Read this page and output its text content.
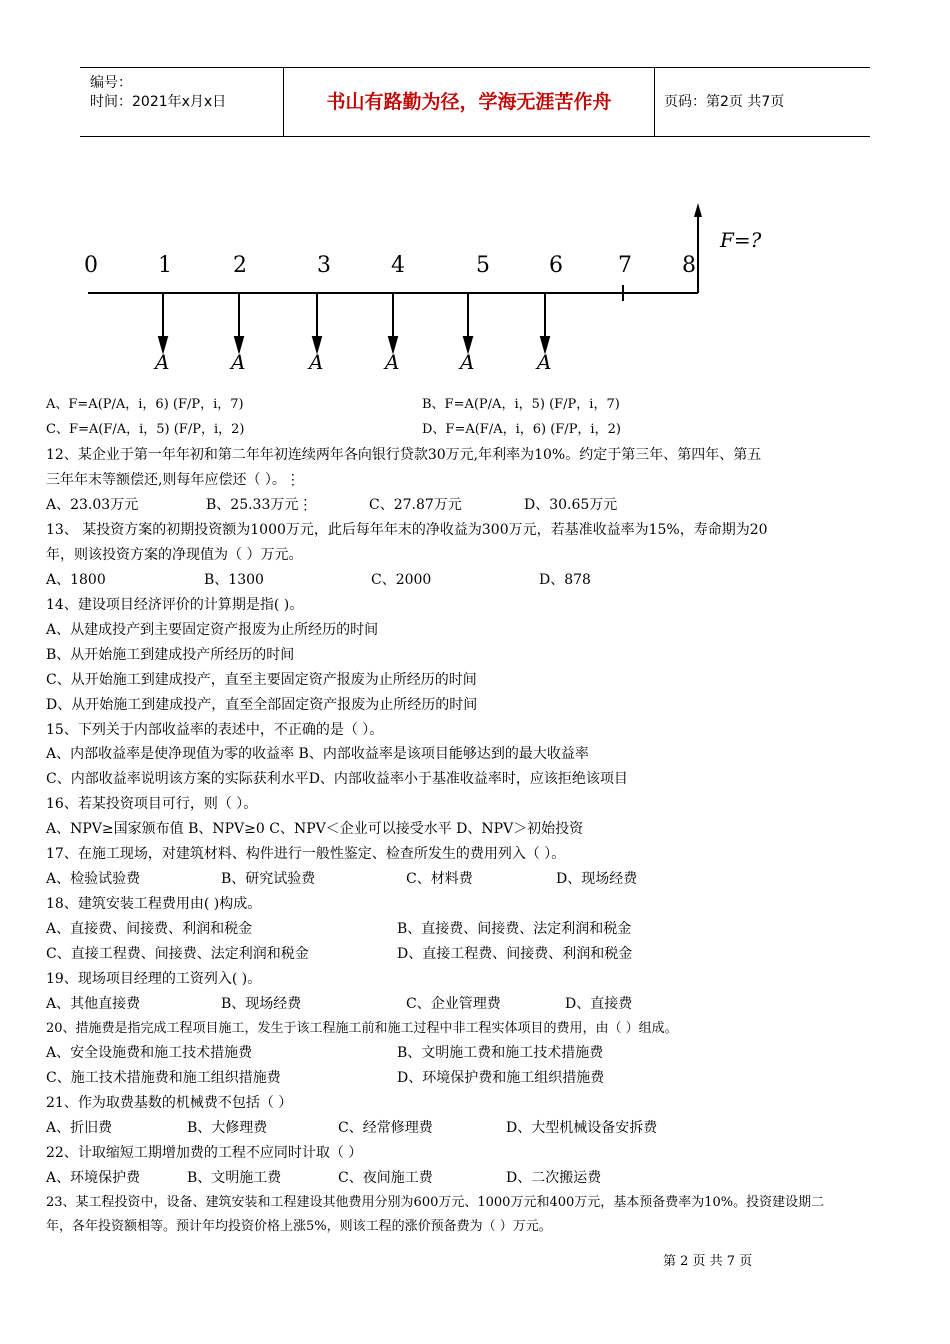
编号：
时间：2021年x月x日	书山有路勤为径，学海无涯苦作舟	页码：第2页 共7页
0	1	2	3	4	5	6	7 8
F=?
A	A	A	A	A	A
A、F=A(P/A，i，6) (F/P，i，7)	B、F=A(P/A，i，5) (F/P，i，7)
C、F=A(F/A，i，5) (F/P，i，2)	D、F=A(F/A，i，6) (F/P，i，2)
12、某企业于第一年年初和第二年年初连续两年各向银行贷款30万元,年利率为10%。约定于第三年、第四年、第五
三年年末等额偿还,则每年应偿还（ ）。⋮
A、23.03万元	B、25.33万元⋮	C、27.87万元	D、30.65万元
13、 某投资方案的初期投资额为1000万元，此后每年年末的净收益为300万元，若基准收益率为15%，寿命期为20
年，则该投资方案的净现值为（ ）万元。
A、1800	B、1300	C、2000	D、878
14、建设项目经济评价的计算期是指( )。
A、从建成投产到主要固定资产报废为止所经历的时间
B、从开始施工到建成投产所经历的时间
C、从开始施工到建成投产，直至主要固定资产报废为止所经历的时间
D、从开始施工到建成投产，直至全部固定资产报废为止所经历的时间
15、下列关于内部收益率的表述中，不正确的是（ ）。
A、内部收益率是使净现值为零的收益率 B、内部收益率是该项目能够达到的最大收益率
C、内部收益率说明该方案的实际获利水平D、内部收益率小于基准收益率时，应该拒绝该项目
16、若某投资项目可行，则（ ）。
A、NPV≥国家颁布值 B、NPV≥0 C、NPV＜企业可以接受水平 D、NPV＞初始投资
17、在施工现场，对建筑材料、构件进行一般性鉴定、检查所发生的费用列入（ ）。
A、检验试验费	B、研究试验费	C、材料费	D、现场经费
18、建筑安装工程费用由( )构成。
A、直接费、间接费、利润和税金	B、直接费、间接费、法定利润和税金
C、直接工程费、间接费、法定利润和税金	D、直接工程费、间接费、利润和税金
19、现场项目经理的工资列入( )。
A、其他直接费	B、现场经费	C、企业管理费	D、直接费
20、措施费是指完成工程项目施工，发生于该工程施工前和施工过程中非工程实体项目的费用，由（ ）组成。
A、安全设施费和施工技术措施费	B、文明施工费和施工技术措施费
C、施工技术措施费和施工组织措施费	D、环境保护费和施工组织措施费
21、作为取费基数的机械费不包括（ ）
A、折旧费	B、大修理费	C、经常修理费	D、大型机械设备安拆费
22、计取缩短工期增加费的工程不应同时计取（ ）
A、环境保护费	B、文明施工费	C、夜间施工费	D、二次搬运费
23、某工程投资中，设备、建筑安装和工程建设其他费用分别为600万元、1000万元和400万元，基本预备费率为10%。投资建设期二
年，各年投资额相等。预计年均投资价格上涨5%，则该工程的涨价预备费为（ ）万元。
第 2 页 共 7 页
